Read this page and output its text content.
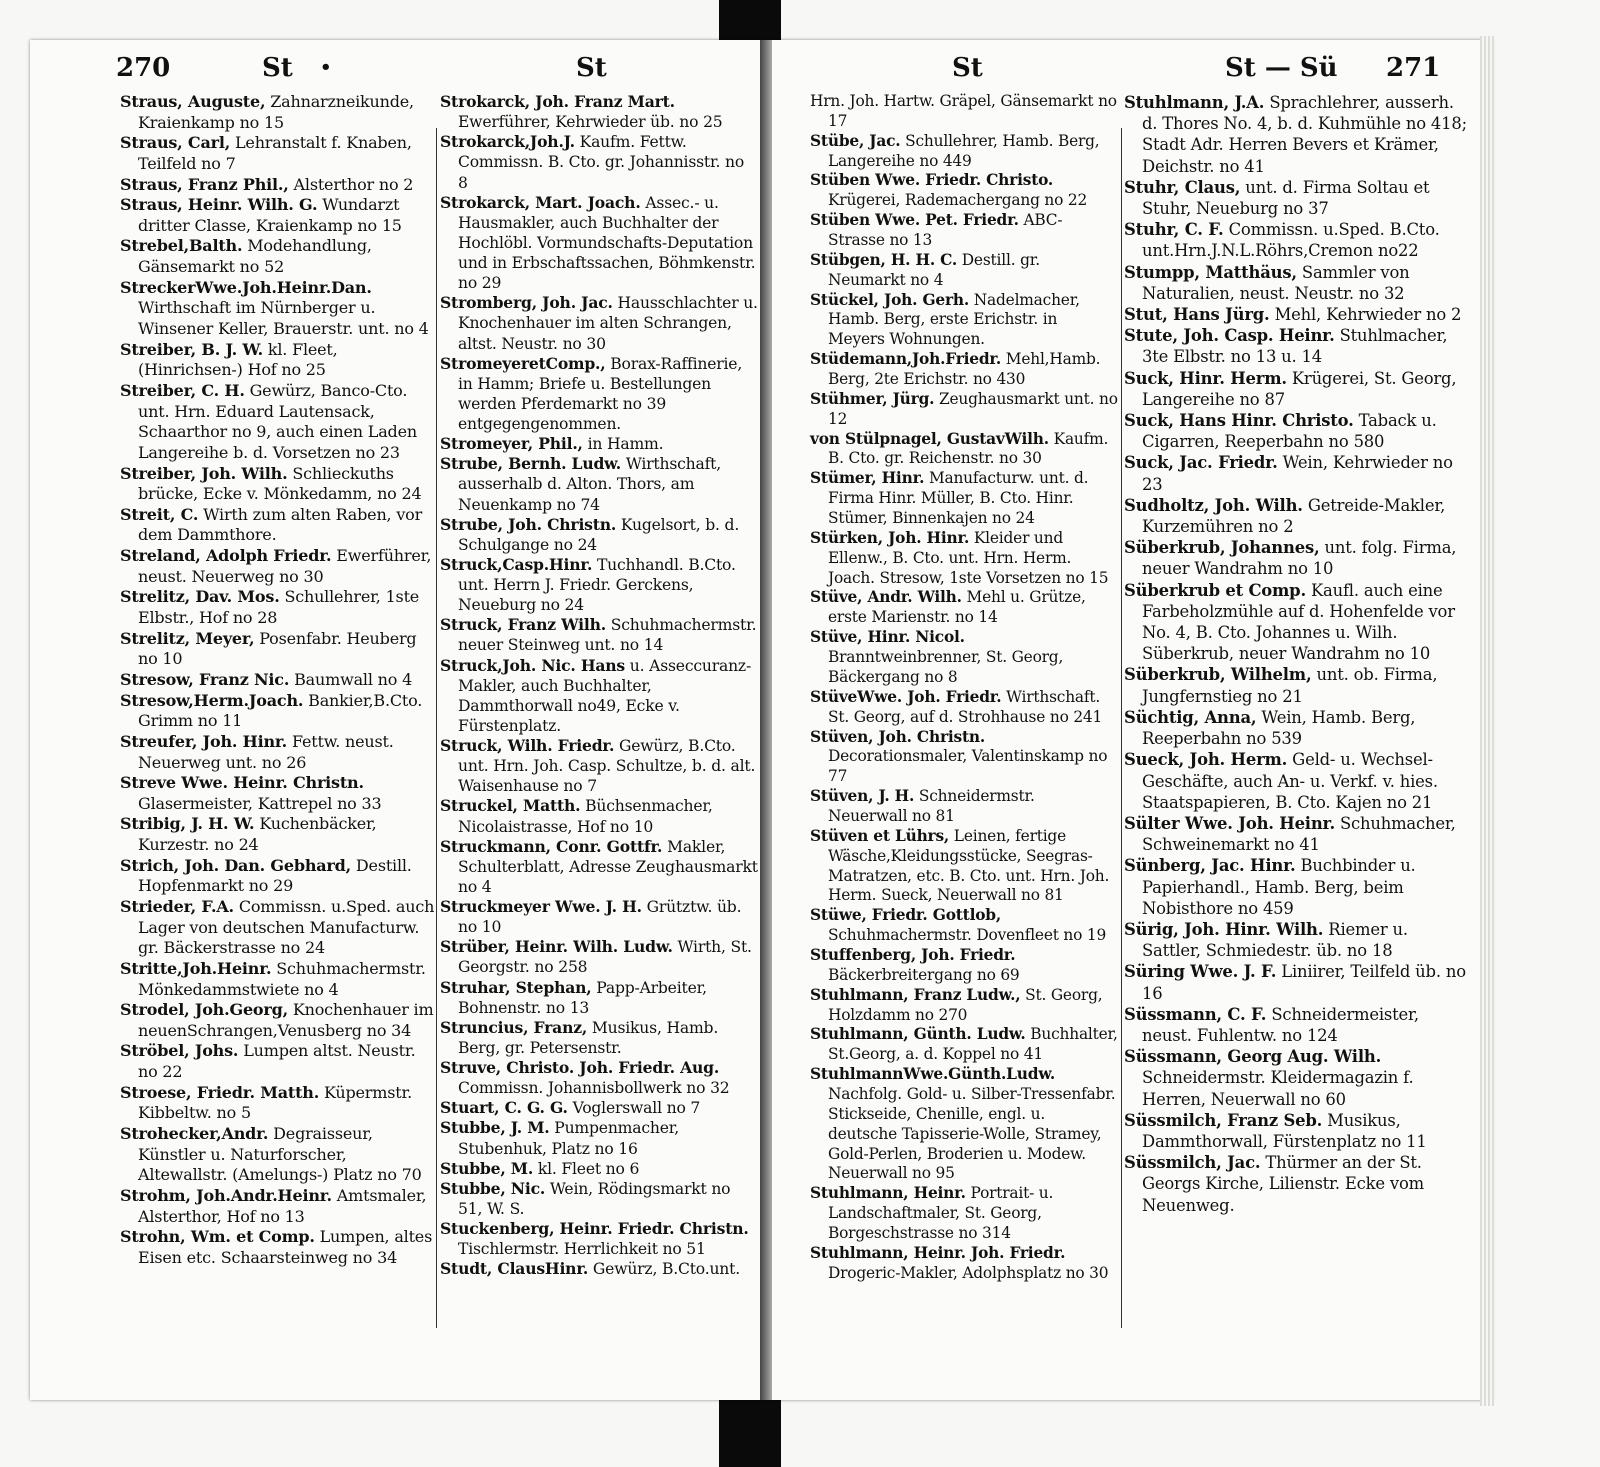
270	St •	St	St	St — Sü 271
Straus, Auguste, Zahnarzneikunde, Kraienkamp no 15
Straus, Carl, Lehranstalt f. Knaben, Teilfeld no 7
Straus, Franz Phil., Alsterthor no 2
Straus, Heinr. Wilh. G. Wundarzt dritter Classe, Kraienkamp no 15
Strebel,Balth. Modehandlung, Gänsemarkt no 52
StreckerWwe.Joh.Heinr.Dan. Wirthschaft im Nürnberger u. Winsener Keller, Brauerstr. unt. no 4
Streiber, B. J. W. kl. Fleet, (Hinrichsen-) Hof no 25
Streiber, C. H. Gewürz, Banco-Cto. unt. Hrn. Eduard Lautensack, Schaarthor no 9, auch einen Laden Langereihe b. d. Vorsetzen no 23
Streiber, Joh. Wilh. Schlieckuths brücke, Ecke v. Mönkedamm, no 24
Streit, C. Wirth zum alten Raben, vor dem Dammthore.
Streland, Adolph Friedr. Ewerführer, neust. Neuerweg no 30
Strelitz, Dav. Mos. Schullehrer, 1ste Elbstr., Hof no 28
Strelitz, Meyer, Posenfabr. Heuberg no 10
Stresow, Franz Nic. Baumwall no 4
Stresow,Herm.Joach. Bankier,B.Cto. Grimm no 11
Streufer, Joh. Hinr. Fettw. neust. Neuerweg unt. no 26
Streve Wwe. Heinr. Christn. Glasermeister, Kattrepel no 33
Stribig, J. H. W. Kuchenbäcker, Kurzestr. no 24
Strich, Joh. Dan. Gebhard, Destill. Hopfenmarkt no 29
Strieder, F.A. Commissn. u.Sped. auch Lager von deutschen Manufacturw. gr. Bäckerstrasse no 24
Stritte,Joh.Heinr. Schuhmachermstr. Mönkedammstwiete no 4
Strodel, Joh.Georg, Knochenhauer im neuenSchrangen,Venusberg no 34
Ströbel, Johs. Lumpen altst. Neustr. no 22
Stroese, Friedr. Matth. Küpermstr. Kibbeltw. no 5
Strohecker,Andr. Degraisseur, Künstler u. Naturforscher, Altewallstr. (Amelungs-) Platz no 70
Strohm, Joh.Andr.Heinr. Amtsmaler, Alsterthor, Hof no 13
Strohn, Wm. et Comp. Lumpen, altes Eisen etc. Schaarsteinweg no 34
Strokarck, Joh. Franz Mart. Ewerführer, Kehrwieder üb. no 25
Strokarck,Joh.J. Kaufm. Fettw. Commissn. B. Cto. gr. Johannisstr. no 8
Strokarck, Mart. Joach. Assec.- u. Hausmakler, auch Buchhalter der Hochlöbl. Vormundschafts-Deputation und in Erbschaftssachen, Böhmkenstr. no 29
Stromberg, Joh. Jac. Hausschlachter u. Knochenhauer im alten Schrangen, altst. Neustr. no 30
StromeyeretComp., Borax-Raffinerie, in Hamm; Briefe u. Bestellungen werden Pferdemarkt no 39 entgegengenommen.
Stromeyer, Phil., in Hamm.
Strube, Bernh. Ludw. Wirthschaft, ausserhalb d. Alton. Thors, am Neuenkamp no 74
Strube, Joh. Christn. Kugelsort, b. d. Schulgange no 24
Struck,Casp.Hinr. Tuchhandl. B.Cto. unt. Herrn J. Friedr. Gerckens, Neueburg no 24
Struck, Franz Wilh. Schuhmachermstr. neuer Steinweg unt. no 14
Struck,Joh. Nic. Hans u. Asseccuranz-Makler, auch Buchhalter, Dammthorwall no49, Ecke v. Fürstenplatz.
Struck, Wilh. Friedr. Gewürz, B.Cto. unt. Hrn. Joh. Casp. Schultze, b. d. alt. Waisenhause no 7
Struckel, Matth. Büchsenmacher, Nicolaistrasse, Hof no 10
Struckmann, Conr. Gottfr. Makler, Schulterblatt, Adresse Zeughausmarkt no 4
Struckmeyer Wwe. J. H. Grütztw. üb. no 10
Strüber, Heinr. Wilh. Ludw. Wirth, St. Georgstr. no 258
Struhar, Stephan, Papp-Arbeiter, Bohnenstr. no 13
Struncius, Franz, Musikus, Hamb. Berg, gr. Petersenstr.
Struve, Christo. Joh. Friedr. Aug. Commissn. Johannisbollwerk no 32
Stuart, C. G. G. Voglerswall no 7
Stubbe, J. M. Pumpenmacher, Stubenhuk, Platz no 16
Stubbe, M. kl. Fleet no 6
Stubbe, Nic. Wein, Rödingsmarkt no 51, W. S.
Stuckenberg, Heinr. Friedr. Christn. Tischlermstr. Herrlichkeit no 51
Studt, ClausHinr. Gewürz, B.Cto.unt.
Hrn. Joh. Hartw. Gräpel, Gänsemarkt no 17
Stübe, Jac. Schullehrer, Hamb. Berg, Langereihe no 449
Stüben Wwe. Friedr. Christo. Krügerei, Rademachergang no 22
Stüben Wwe. Pet. Friedr. ABC-Strasse no 13
Stübgen, H. H. C. Destill. gr. Neumarkt no 4
Stückel, Joh. Gerh. Nadelmacher, Hamb. Berg, erste Erichstr. in Meyers Wohnungen.
Stüdemann,Joh.Friedr. Mehl,Hamb. Berg, 2te Erichstr. no 430
Stühmer, Jürg. Zeughausmarkt unt. no 12
von Stülpnagel, GustavWilh. Kaufm. B. Cto. gr. Reichenstr. no 30
Stümer, Hinr. Manufacturw. unt. d. Firma Hinr. Müller, B. Cto. Hinr. Stümer, Binnenkajen no 24
Stürken, Joh. Hinr. Kleider und Ellenw., B. Cto. unt. Hrn. Herm. Joach. Stresow, 1ste Vorsetzen no 15
Stüve, Andr. Wilh. Mehl u. Grütze, erste Marienstr. no 14
Stüve, Hinr. Nicol. Branntweinbrenner, St. Georg, Bäckergang no 8
StüveWwe. Joh. Friedr. Wirthschaft. St. Georg, auf d. Strohhause no 241
Stüven, Joh. Christn. Decorationsmaler, Valentinskamp no 77
Stüven, J. H. Schneidermstr. Neuerwall no 81
Stüven et Lührs, Leinen, fertige Wäsche,Kleidungsstücke, Seegras-Matratzen, etc. B. Cto. unt. Hrn. Joh. Herm. Sueck, Neuerwall no 81
Stüwe, Friedr. Gottlob, Schuhmachermstr. Dovenfleet no 19
Stuffenberg, Joh. Friedr. Bäckerbreitergang no 69
Stuhlmann, Franz Ludw., St. Georg, Holzdamm no 270
Stuhlmann, Günth. Ludw. Buchhalter, St.Georg, a. d. Koppel no 41
StuhlmannWwe.Günth.Ludw. Nachfolg. Gold- u. Silber-Tressenfabr. Stickseide, Chenille, engl. u. deutsche Tapisserie-Wolle, Stramey, Gold-Perlen, Broderien u. Modew. Neuerwall no 95
Stuhlmann, Heinr. Portrait- u. Landschaftmaler, St. Georg, Borgeschstrasse no 314
Stuhlmann, Heinr. Joh. Friedr. Drogeric-Makler, Adolphsplatz no 30
Stuhlmann, J.A. Sprachlehrer, ausserh. d. Thores No. 4, b. d. Kuhmühle no 418; Stadt Adr. Herren Bevers et Krämer, Deichstr. no 41
Stuhr, Claus, unt. d. Firma Soltau et Stuhr, Neueburg no 37
Stuhr, C. F. Commissn. u.Sped. B.Cto. unt.Hrn.J.N.L.Röhrs,Cremon no22
Stumpp, Matthäus, Sammler von Naturalien, neust. Neustr. no 32
Stut, Hans Jürg. Mehl, Kehrwieder no 2
Stute, Joh. Casp. Heinr. Stuhlmacher, 3te Elbstr. no 13 u. 14
Suck, Hinr. Herm. Krügerei, St. Georg, Langereihe no 87
Suck, Hans Hinr. Christo. Taback u. Cigarren, Reeperbahn no 580
Suck, Jac. Friedr. Wein, Kehrwieder no 23
Sudholtz, Joh. Wilh. Getreide-Makler, Kurzemühren no 2
Süberkrub, Johannes, unt. folg. Firma, neuer Wandrahm no 10
Süberkrub et Comp. Kaufl. auch eine Farbeholzmühle auf d. Hohenfelde vor No. 4, B. Cto. Johannes u. Wilh. Süberkrub, neuer Wandrahm no 10
Süberkrub, Wilhelm, unt. ob. Firma, Jungfernstieg no 21
Süchtig, Anna, Wein, Hamb. Berg, Reeperbahn no 539
Sueck, Joh. Herm. Geld- u. Wechsel-Geschäfte, auch An- u. Verkf. v. hies. Staatspapieren, B. Cto. Kajen no 21
Sülter Wwe. Joh. Heinr. Schuhmacher, Schweinemarkt no 41
Sünberg, Jac. Hinr. Buchbinder u. Papierhandl., Hamb. Berg, beim Nobisthore no 459
Sürig, Joh. Hinr. Wilh. Riemer u. Sattler, Schmiedestr. üb. no 18
Süring Wwe. J. F. Liniirer, Teilfeld üb. no 16
Süssmann, C. F. Schneidermeister, neust. Fuhlentw. no 124
Süssmann, Georg Aug. Wilh. Schneidermstr. Kleidermagazin f. Herren, Neuerwall no 60
Süssmilch, Franz Seb. Musikus, Dammthorwall, Fürstenplatz no 11
Süssmilch, Jac. Thürmer an der St. Georgs Kirche, Lilienstr. Ecke vom Neuenweg.
